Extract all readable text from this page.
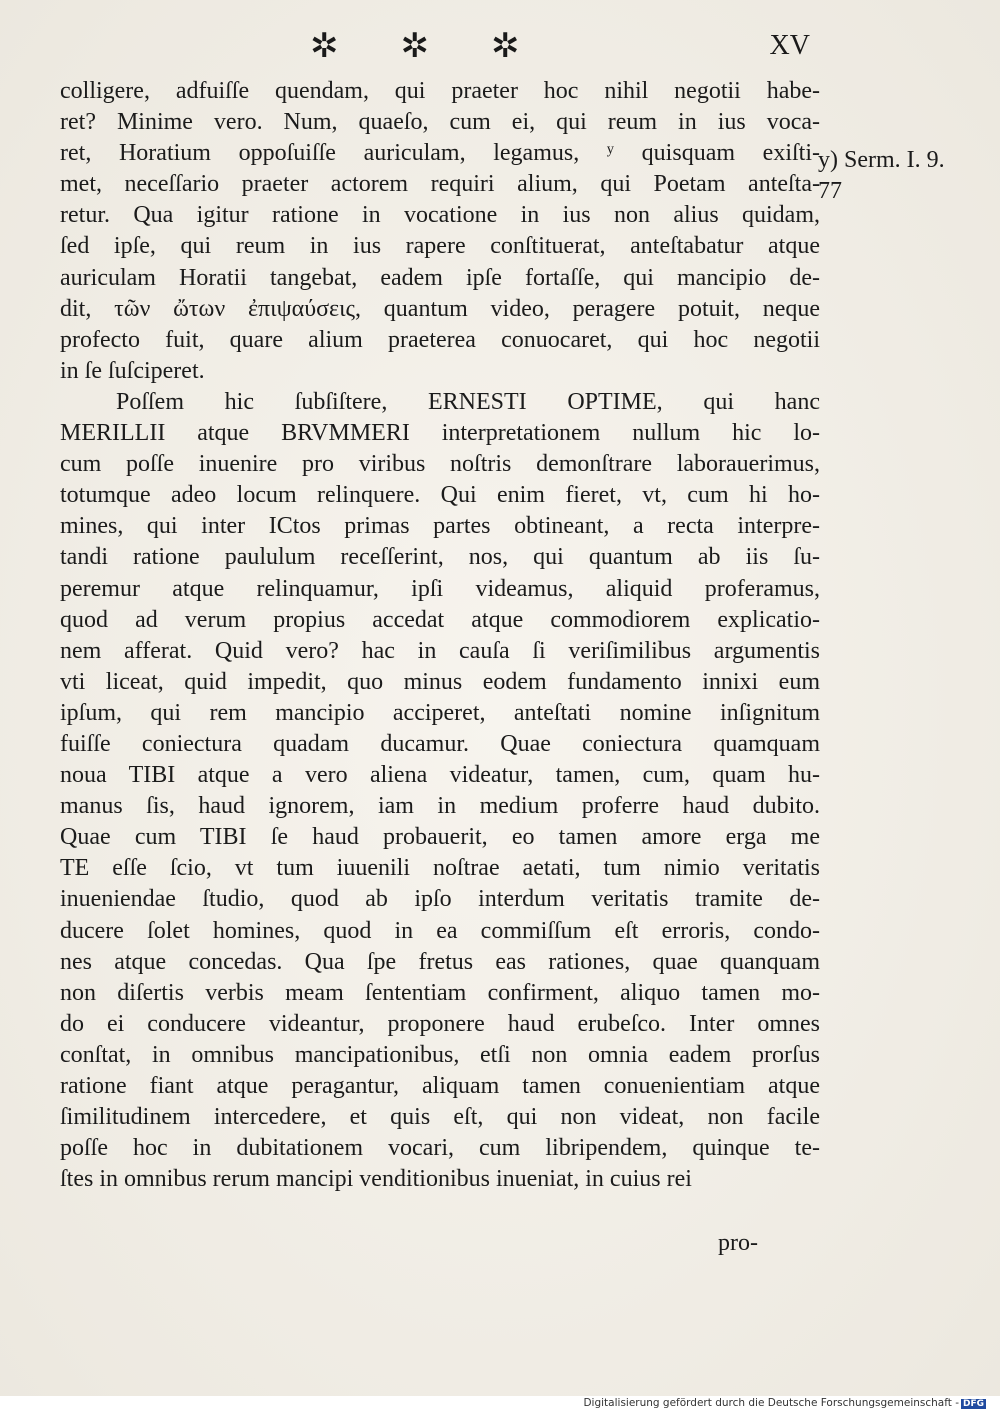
✲✲✲	XV
colligere, adfuiſſe quendam, qui praeter hoc nihil negotii habe-
ret? Minime vero. Num, quaeſo, cum ei, qui reum in ius voca-
ret, Horatium oppoſuiſſe auriculam, legamus, ʸ quisquam exiſti-
met, neceſſario praeter actorem requiri alium, qui Poetam anteſta-
retur. Qua igitur ratione in vocatione in ius non alius quidam,
ſed ipſe, qui reum in ius rapere conſtituerat, anteſtabatur atque
auriculam Horatii tangebat, eadem ipſe fortaſſe, qui mancipio de-
dit, τῶν ὤτων ἐπιψαύσεις, quantum video, peragere potuit, neque
profecto fuit, quare alium praeterea conuocaret, qui hoc negotii
in ſe ſuſciperet.
Poſſem hic ſubſiſtere, ERNESTI OPTIME, qui hanc
MERILLII atque BRVMMERI interpretationem nullum hic lo-
cum poſſe inuenire pro viribus noſtris demonſtrare laborauerimus,
totumque adeo locum relinquere. Qui enim fieret, vt, cum hi ho-
mines, qui inter ICtos primas partes obtineant, a recta interpre-
tandi ratione paululum receſſerint, nos, qui quantum ab iis ſu-
peremur atque relinquamur, ipſi videamus, aliquid proferamus,
quod ad verum propius accedat atque commodiorem explicatio-
nem afferat. Quid vero? hac in cauſa ſi veriſimilibus argumentis
vti liceat, quid impedit, quo minus eodem fundamento innixi eum
ipſum, qui rem mancipio acciperet, anteſtati nomine inſignitum
fuiſſe coniectura quadam ducamur. Quae coniectura quamquam
noua TIBI atque a vero aliena videatur, tamen, cum, quam hu-
manus ſis, haud ignorem, iam in medium proferre haud dubito.
Quae cum TIBI ſe haud probauerit, eo tamen amore erga me
TE eſſe ſcio, vt tum iuuenili noſtrae aetati, tum nimio veritatis
inueniendae ſtudio, quod ab ipſo interdum veritatis tramite de-
ducere ſolet homines, quod in ea commiſſum eſt erroris, condo-
nes atque concedas. Qua ſpe fretus eas rationes, quae quanquam
non diſertis verbis meam ſententiam confirment, aliquo tamen mo-
do ei conducere videantur, proponere haud erubeſco. Inter omnes
conſtat, in omnibus mancipationibus, etſi non omnia eadem prorſus
ratione fiant atque peragantur, aliquam tamen conuenientiam atque
ſimilitudinem intercedere, et quis eſt, qui non videat, non facile
poſſe hoc in dubitationem vocari, cum libripendem, quinque te-
ſtes in omnibus rerum mancipi venditionibus inueniat, in cuius rei
y) Serm. I. 9.
77
pro-
Digitalisierung gefördert durch die Deutsche Forschungsgemeinschaft - DFG
